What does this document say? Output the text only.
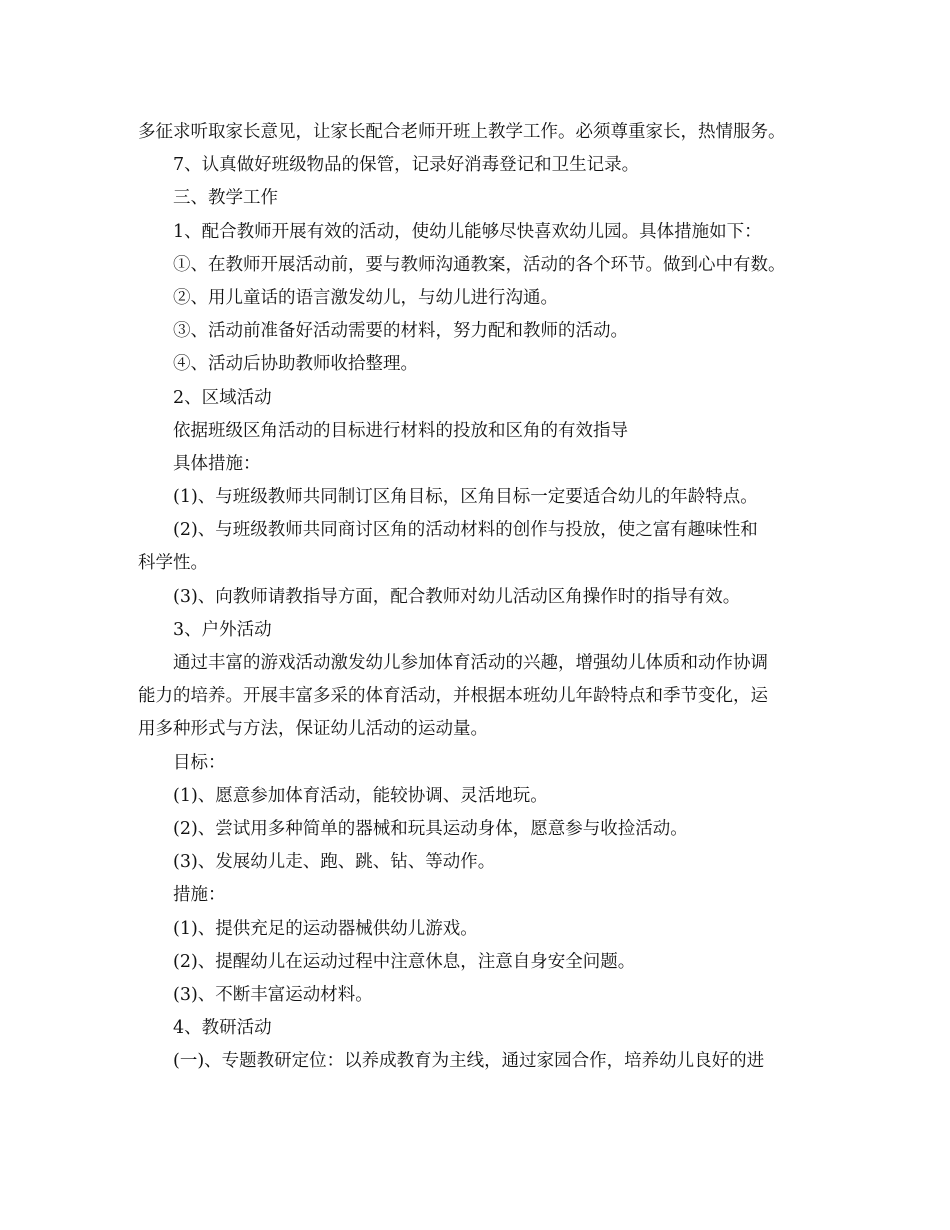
多征求听取家长意见，让家长配合老师开班上教学工作。必须尊重家长，热情服务。
7、认真做好班级物品的保管，记录好消毒登记和卫生记录。
三、教学工作
1、配合教师开展有效的活动，使幼儿能够尽快喜欢幼儿园。具体措施如下：
①、在教师开展活动前，要与教师沟通教案，活动的各个环节。做到心中有数。
②、用儿童话的语言激发幼儿，与幼儿进行沟通。
③、活动前准备好活动需要的材料，努力配和教师的活动。
④、活动后协助教师收拾整理。
2、区域活动
依据班级区角活动的目标进行材料的投放和区角的有效指导
具体措施：
(1)、与班级教师共同制订区角目标，区角目标一定要适合幼儿的年龄特点。
(2)、与班级教师共同商讨区角的活动材料的创作与投放，使之富有趣味性和
科学性。
(3)、向教师请教指导方面，配合教师对幼儿活动区角操作时的指导有效。
3、户外活动
通过丰富的游戏活动激发幼儿参加体育活动的兴趣，增强幼儿体质和动作协调
能力的培养。开展丰富多采的体育活动，并根据本班幼儿年龄特点和季节变化，运
用多种形式与方法，保证幼儿活动的运动量。
目标：
(1)、愿意参加体育活动，能较协调、灵活地玩。
(2)、尝试用多种简单的器械和玩具运动身体，愿意参与收捡活动。
(3)、发展幼儿走、跑、跳、钻、等动作。
措施：
(1)、提供充足的运动器械供幼儿游戏。
(2)、提醒幼儿在运动过程中注意休息，注意自身安全问题。
(3)、不断丰富运动材料。
4、教研活动
(一)、专题教研定位：以养成教育为主线，通过家园合作，培养幼儿良好的进
